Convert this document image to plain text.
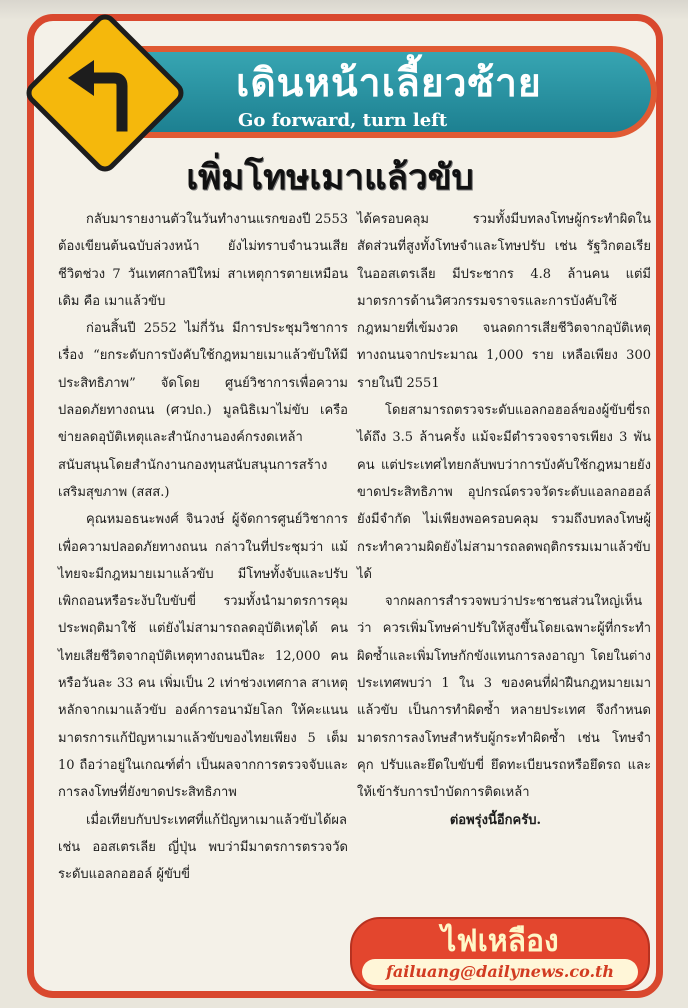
เดินหน้าเลี้ยวซ้าย
Go forward, turn left
เพิ่มโทษเมาแล้วขับ

กลับมารายงานตัวในวันทำงานแรกของปี 2553 ต้องเขียนต้นฉบับล่วงหน้า ยังไม่ทราบจำนวนเสียชีวิตช่วง 7 วันเทศกาลปีใหม่ สาเหตุการตายเหมือนเดิม คือ เมาแล้วขับ

ก่อนสิ้นปี 2552 ไม่กี่วัน มีการประชุมวิชาการเรื่อง “ยกระดับการบังคับใช้กฎหมายเมาแล้วขับให้มีประสิทธิภาพ” จัดโดย ศูนย์วิชาการเพื่อความปลอดภัยทางถนน (ศวปถ.) มูลนิธิเมาไม่ขับ เครือข่ายลดอุบัติเหตุและสำนักงานองค์กรงดเหล้า สนับสนุนโดยสำนักงานกองทุนสนับสนุนการสร้างเสริมสุขภาพ (สสส.)

คุณหมอธนะพงศ์ จินวงษ์ ผู้จัดการศูนย์วิชาการเพื่อความปลอดภัยทางถนน กล่าวในที่ประชุมว่า แม้ไทยจะมีกฎหมายเมาแล้วขับ มีโทษทั้งจับและปรับ เพิกถอนหรือระงับใบขับขี่ รวมทั้งนำมาตรการคุมประพฤติมาใช้ แต่ยังไม่สามารถลดอุบัติเหตุได้ คนไทยเสียชีวิตจากอุบัติเหตุทางถนนปีละ 12,000 คน หรือวันละ 33 คน เพิ่มเป็น 2 เท่าช่วงเทศกาล สาเหตุหลักจากเมาแล้วขับ องค์การอนามัยโลก ให้คะแนนมาตรการแก้ปัญหาเมาแล้วขับของไทยเพียง 5 เต็ม 10 ถือว่าอยู่ในเกณฑ์ต่ำ เป็นผลจากการตรวจจับและการลงโทษที่ยังขาดประสิทธิภาพ

เมื่อเทียบกับประเทศที่แก้ปัญหาเมาแล้วขับได้ผล เช่น ออสเตรเลีย ญี่ปุ่น พบว่ามีมาตรการตรวจวัดระดับแอลกอฮอล์ ผู้ขับขี่

ได้ครอบคลุม รวมทั้งมีบทลงโทษผู้กระทำผิดในสัดส่วนที่สูงทั้งโทษจำและโทษปรับ เช่น รัฐวิกตอเรีย ในออสเตรเลีย มีประชากร 4.8 ล้านคน แต่มีมาตรการด้านวิศวกรรมจราจรและการบังคับใช้กฎหมายที่เข้มงวด จนลดการเสียชีวิตจากอุบัติเหตุทางถนนจากประมาณ 1,000 ราย เหลือเพียง 300 รายในปี 2551

โดยสามารถตรวจระดับแอลกอฮอล์ของผู้ขับขี่รถได้ถึง 3.5 ล้านครั้ง แม้จะมีตำรวจจราจรเพียง 3 พันคน แต่ประเทศไทยกลับพบว่าการบังคับใช้กฎหมายยังขาดประสิทธิภาพ อุปกรณ์ตรวจวัดระดับแอลกอฮอล์ยังมีจำกัด ไม่เพียงพอครอบคลุม รวมถึงบทลงโทษผู้กระทำความผิดยังไม่สามารถลดพฤติกรรมเมาแล้วขับได้

จากผลการสำรวจพบว่าประชาชนส่วนใหญ่เห็นว่า ควรเพิ่มโทษค่าปรับให้สูงขึ้นโดยเฉพาะผู้ที่กระทำผิดซ้ำและเพิ่มโทษกักขังแทนการลงอาญา โดยในต่างประเทศพบว่า 1 ใน 3 ของคนที่ฝ่าฝืนกฎหมายเมาแล้วขับ เป็นการทำผิดซ้ำ หลายประเทศ จึงกำหนดมาตรการลงโทษสำหรับผู้กระทำผิดซ้ำ เช่น โทษจำคุก ปรับและยึดใบขับขี่ ยึดทะเบียนรถหรือยึดรถ และให้เข้ารับการบำบัดการติดเหล้า

ต่อพรุ่งนี้อีกครับ.

ไฟเหลือง
failuang@dailynews.co.th
